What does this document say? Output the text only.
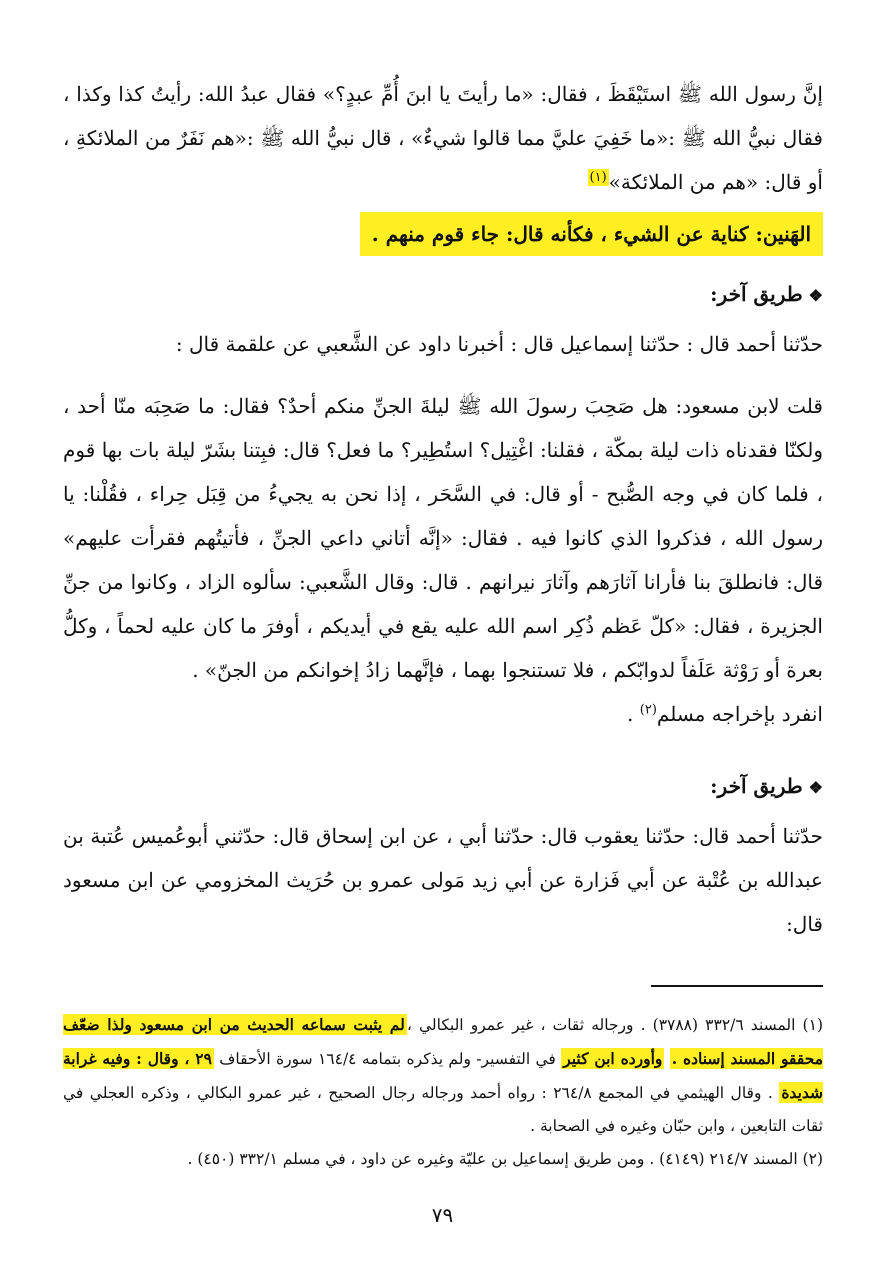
إنَّ رسول الله ﷺ استَيْقَظَ ، فقال: «ما رأيتَ يا ابنَ أُمِّ عبدٍ؟» فقال عبدُ الله: رأيتُ كذا وكذا ، فقال نبيُّ الله ﷺ :«ما خَفِيَ عليَّ مما قالوا شيءٌ» ، قال نبيُّ الله ﷺ :«هم نَفَرٌ من الملائكةِ ، أو قال: «هم من الملائكة»$^{(١)}$

الهَنين: كناية عن الشيء ، فكأنه قال: جاء قوم منهم .

❖طريق آخر:

حدّثنا أحمد قال : حدّثنا إسماعيل قال : أخبرنا داود عن الشَّعبي عن علقمة قال :

قلت لابن مسعود: هل صَحِبَ رسولَ الله ﷺ ليلةَ الجنِّ منكم أحدٌ؟ فقال: ما صَحِبَه منّا أحد ، ولكنّا فقدناه ذات ليلة بمكّة ، فقلنا: اغْتِيل؟ استُطِير؟ ما فعل؟ قال: فبِتنا بشَرّ ليلة بات بها قوم ، فلما كان في وجه الصُّبح - أو قال: في السَّحَر ، إذا نحن به يجيءُ من قِبَل حِراء ، فقُلْنا: يا رسول الله ، فذكروا الذي كانوا فيه . فقال: «إنَّه أتاني داعي الجنِّ ، فأتيتُهم فقرأت عليهم» قال: فانطلقَ بنا فأرانا آثارَهم وآثارَ نيرانهم . قال: وقال الشَّعبي: سألوه الزاد ، وكانوا من جنِّ الجزيرة ، فقال: «كلّ عَظم ذُكِر اسم الله عليه يقع في أيديكم ، أوفرَ ما كان عليه لحماً ، وكلُّ بعرة أو رَوْثة عَلَفاً لدوابّكم ، فلا تستنجوا بهما ، فإنَّهما زادُ إخوانكم من الجنّ» .

انفرد بإخراجه مسلم$^{(٢)}$ .

❖طريق آخر:

حدّثنا أحمد قال: حدّثنا يعقوب قال: حدّثنا أبي ، عن ابن إسحاق قال: حدّثني أبوعُميس عُتبة بن عبدالله بن عُتْبة عن أبي فَزارة عن أبي زيد مَولى عمرو بن حُرَيث المخزومي عن ابن مسعود قال:

(١) المسند ٣٣٢/٦ (٣٧٨٨) . ورجاله ثقات ، غير عمرو البكالي ،لم يثبت سماعه الحديث من ابن مسعود ولذا ضعّف محققو المسند إسناده . وأورده ابن كثير في التفسير- ولم يذكره بتمامه ١٦٤/٤ سورة الأحقاف ٢٩ ، وقال : وفيه غرابة شديدة . وقال الهيثمي في المجمع ٢٦٤/٨ : رواه أحمد ورجاله رجال الصحيح ، غير عمرو البكالي ، وذكره العجلي في ثقات التابعين ، وابن حبّان وغيره في الصحابة .

(٢) المسند ٢١٤/٧ (٤١٤٩) . ومن طريق إسماعيل بن عليّة وغيره عن داود ، في مسلم ٣٣٢/١ (٤٥٠) .

٧٩
